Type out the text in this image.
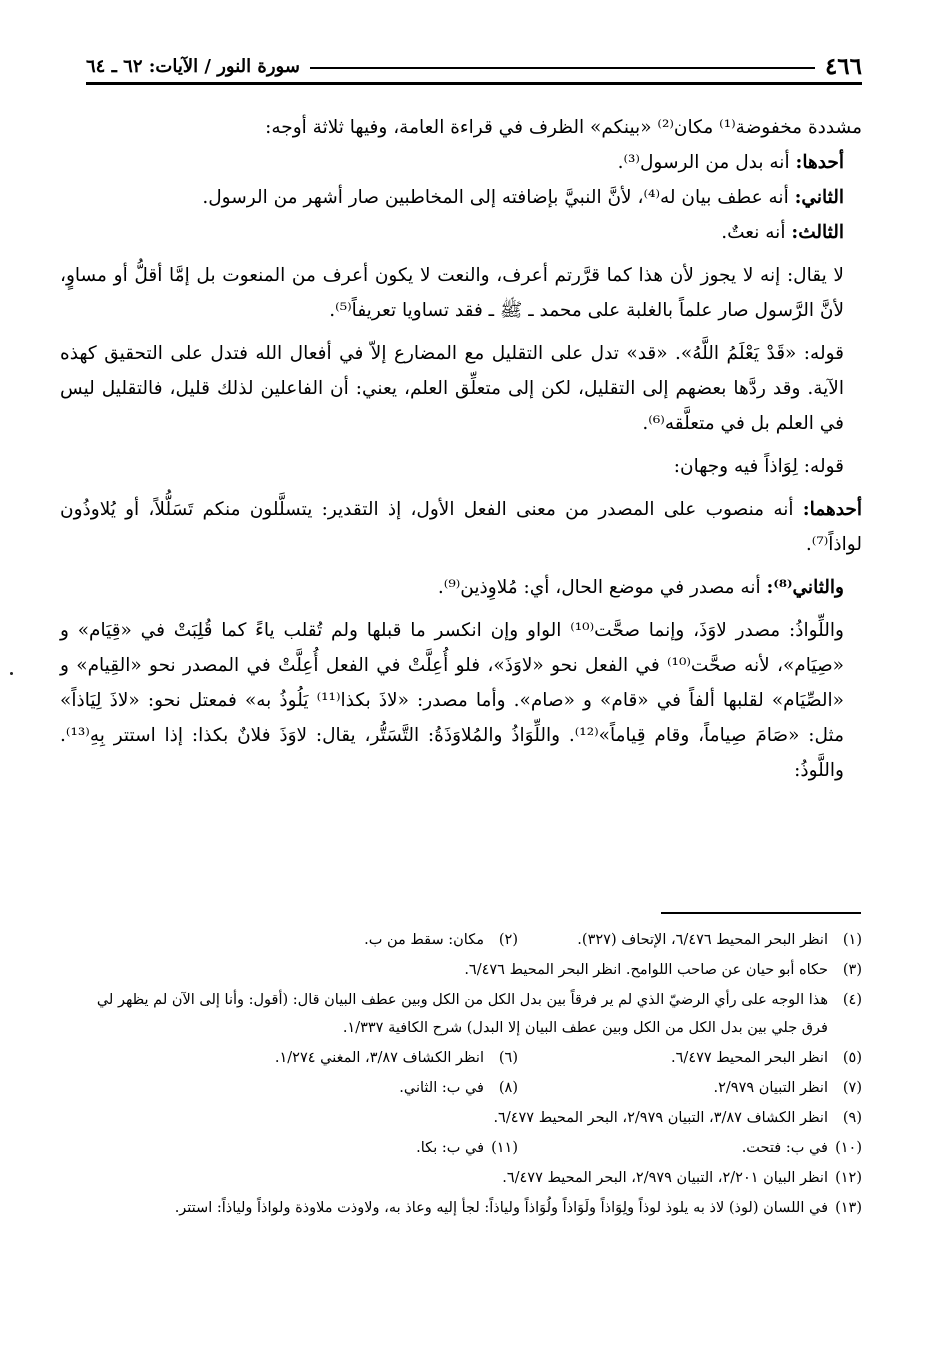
٤٦٦
سورة النور / الآيات: ٦٢ ـ ٦٤

مشددة مخفوضة⁽¹⁾ مكان⁽²⁾ «بينكم» الظرف في قراءة العامة، وفيها ثلاثة أوجه:

أحدها: أنه بدل من الرسول⁽³⁾.

الثاني: أنه عطف بيان له⁽⁴⁾، لأنَّ النبيَّ بإضافته إلى المخاطبين صار أشهر من الرسول.

الثالث: أنه نعتٌ.

لا يقال: إنه لا يجوز لأن هذا كما قرَّرتم أعرف، والنعت لا يكون أعرف من المنعوت بل إمَّا أقلُّ أو مساوٍ، لأنَّ الرَّسول صار علماً بالغلبة على محمد ـ ﷺ ـ فقد تساويا تعريفاً⁽⁵⁾.

قوله: «قَدْ يَعْلَمُ اللَّهُ». «قد» تدل على التقليل مع المضارع إلاّ في أفعال الله فتدل على التحقيق كهذه الآية. وقد ردَّها بعضهم إلى التقليل، لكن إلى متعلِّق العلم، يعني: أن الفاعلين لذلك قليل، فالتقليل ليس في العلم بل في متعلَّقه⁽⁶⁾.

قوله: لِوَاذاً فيه وجهان:

أحدهما: أنه منصوب على المصدر من معنى الفعل الأول، إذ التقدير: يتسلَّلون منكم تَسَلُّلاً، أو يُلاوذُون لواذاً⁽⁷⁾.

والثاني⁽⁸⁾: أنه مصدر في موضع الحال، أي: مُلاوِذين⁽⁹⁾.

واللِّواذُ: مصدر لاوَذَ، وإنما صحَّت⁽¹⁰⁾ الواو وإن انكسر ما قبلها ولم تُقلب ياءً كما قُلِبَتْ في «قِيَام» و «صِيَام»، لأنه صحَّت⁽¹⁰⁾ في الفعل نحو «لاوَذَ»، فلو أُعِلَّتْ في الفعل أُعِلَّتْ في المصدر نحو «القِيام» و «الصِّيَام» لقلبها ألفاً في «قام» و «صام». وأما مصدر: «لاذَ بكذا⁽¹¹⁾ يَلُوذُ به» فمعتل نحو: «لاذَ لِيَاذاً» مثل: «صَامَ صِياماً، وقام قِياماً»⁽¹²⁾. واللِّوَاذُ والمُلاوَذَةُ: التَّسَتُّر، يقال: لاوَذَ فلانٌ بكذا: إذا استتر بِهِ⁽¹³⁾. واللَّوذُ:

(١)
انظر البحر المحيط ٦/٤٧٦، الإتحاف (٣٢٧).
(٢)
مكان: سقط من ب.
(٣)
حكاه أبو حيان عن صاحب اللوامح. انظر البحر المحيط ٦/٤٧٦.
(٤)
هذا الوجه على رأي الرضيّ الذي لم ير فرقاً بين بدل الكل من الكل وبين عطف البيان قال: (أقول: وأنا إلى الآن لم يظهر لي فرق جلي بين بدل الكل من الكل وبين عطف البيان إلا البدل) شرح الكافية ١/٣٣٧.
(٥)
انظر البحر المحيط ٦/٤٧٧.
(٦)
انظر الكشاف ٣/٨٧، المغني ١/٢٧٤.
(٧)
انظر التبيان ٢/٩٧٩.
(٨)
في ب: الثاني.
(٩)
انظر الكشاف ٣/٨٧، التبيان ٢/٩٧٩، البحر المحيط ٦/٤٧٧.
(١٠)
في ب: فتحت.
(١١)
في ب: بكا.
(١٢)
انظر البيان ٢/٢٠١، التبيان ٢/٩٧٩، البحر المحيط ٦/٤٧٧.
(١٣)
في اللسان (لوذ) لاذ به يلوذ لوذاً ولِوَاذاً ولَوَاذاً ولُوَاذاً ولياذاً: لجأ إليه وعاذ به، ولاوذت ملاوذة ولواذاً ولياذاً: استتر.
